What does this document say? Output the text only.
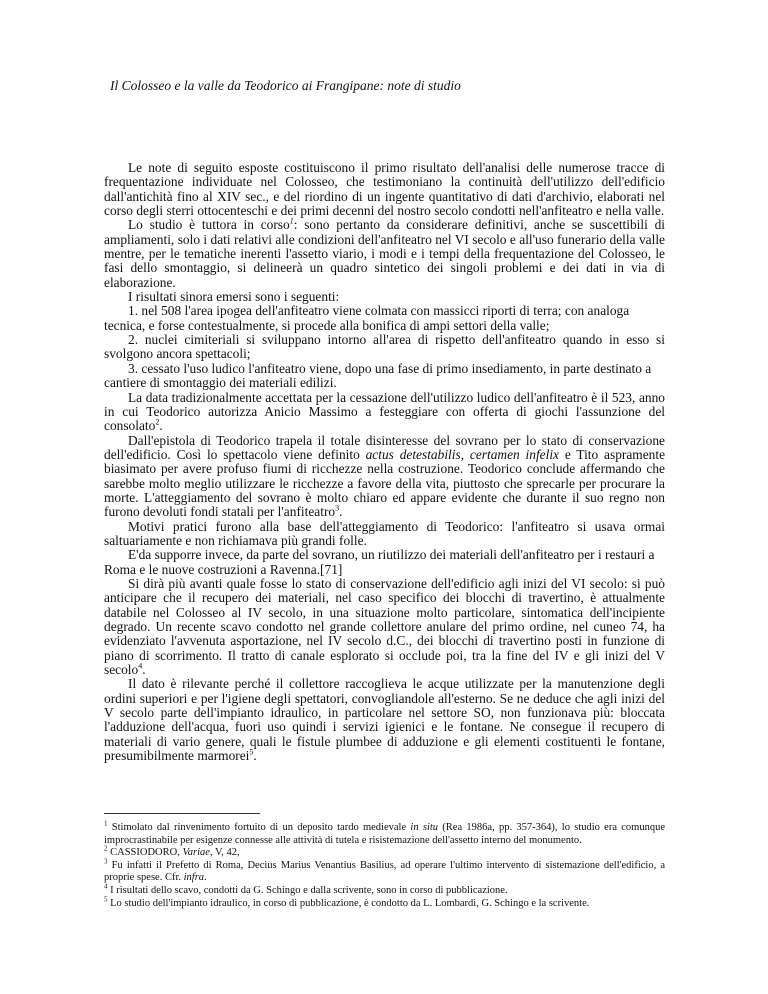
Il Colosseo e la valle da Teodorico ai Frangipane: note di studio

Le note di seguito esposte costituiscono il primo risultato dell'analisi delle numerose tracce di frequentazione individuate nel Colosseo, che testimoniano la continuità dell'utilizzo dell'edificio dall'antichità fino al XIV sec., e del riordino di un ingente quantitativo di dati d'archivio, elaborati nel corso degli sterri ottocenteschi e dei primi decenni del nostro secolo condotti nell'anfiteatro e nella valle.

Lo studio è tuttora in corso$^1$: sono pertanto da considerare definitivi, anche se suscettibili di ampliamenti, solo i dati relativi alle condizioni dell'anfiteatro nel VI secolo e all'uso funerario della valle mentre, per le tematiche inerenti l'assetto viario, i modi e i tempi della frequentazione del Colosseo, le fasi dello smontaggio, si delineerà un quadro sintetico dei singoli problemi e dei dati in via di elaborazione.

I risultati sinora emersi sono i seguenti:

1. nel 508 l'area ipogea dell'anfiteatro viene colmata con massicci riporti di terra; con analoga tecnica, e forse contestualmente, si procede alla bonifica di ampi settori della valle;

2. nuclei cimiteriali si sviluppano intorno all'area di rispetto dell'anfiteatro quando in esso si svolgono ancora spettacoli;

3. cessato l'uso ludico l'anfiteatro viene, dopo una fase di primo insediamento, in parte destinato a cantiere di smontaggio dei materiali edilizi.

La data tradizionalmente accettata per la cessazione dell'utilizzo ludico dell'anfiteatro è il 523, anno in cui Teodorico autorizza Anicio Massimo a festeggiare con offerta di giochi l'assunzione del consolato$^2$.

Dall'epistola di Teodorico trapela il totale disinteresse del sovrano per lo stato di conservazione dell'edificio. Così lo spettacolo viene definito actus detestabilis, certamen infelix e Tito aspramente biasimato per avere profuso fiumi di ricchezze nella costruzione. Teodorico conclude affermando che sarebbe molto meglio utilizzare le ricchezze a favore della vita, piuttosto che sprecarle per procurare la morte. L'atteggiamento del sovrano è molto chiaro ed appare evidente che durante il suo regno non furono devoluti fondi statali per l'anfiteatro$^3$.

Motivi pratici furono alla base dell'atteggiamento di Teodorico: l'anfiteatro si usava ormai saltuariamente e non richiamava più grandi folle.

E'da supporre invece, da parte del sovrano, un riutilizzo dei materiali dell'anfiteatro per i restauri a Roma e le nuove costruzioni a Ravenna.[71]

Si dirà più avanti quale fosse lo stato di conservazione dell'edificio agli inizi del VI secolo: si può anticipare che il recupero dei materiali, nel caso specifico dei blocchi di travertino, è attualmente databile nel Colosseo al IV secolo, in una situazione molto particolare, sintomatica dell'incipiente degrado. Un recente scavo condotto nel grande collettore anulare del primo ordine, nel cuneo 74, ha evidenziato l'avvenuta asportazione, nel IV secolo d.C., dei blocchi di travertino posti in funzione di piano di scorrimento. Il tratto di canale esplorato si occlude poi, tra la fine del IV e gli inizi del V secolo$^4$.

Il dato è rilevante perché il collettore raccoglieva le acque utilizzate per la manutenzione degli ordini superiori e per l'igiene degli spettatori, convogliandole all'esterno. Se ne deduce che agli inizi del V secolo parte dell'impianto idraulico, in particolare nel settore SO, non funzionava più: bloccata l'adduzione dell'acqua, fuori uso quindi i servizi igienici e le fontane. Ne consegue il recupero di materiali di vario genere, quali le fistule plumbee di adduzione e gli elementi costituenti le fontane, presumibilmente marmorei$^5$.

$^1$ Stimolato dal rinvenimento fortuito di un deposito tardo medievale in situ (Rea 1986a, pp. 357-364), lo studio era comunque improcrastinabile per esigenze connesse alle attività di tutela e risistemazione dell'assetto interno del monumento.

$^2$ CASSIODORO, Variae, V, 42,

$^3$ Fu infatti il Prefetto di Roma, Decius Marius Venantius Basilius, ad operare l'ultimo intervento di sistemazione dell'edificio, a proprie spese. Cfr. infra.

$^4$ I risultati dello scavo, condotti da G. Schingo e dalla scrivente, sono in corso di pubblicazione.

$^5$ Lo studio dell'impianto idraulico, in corso di pubblicazione, è condotto da L. Lombardi, G. Schingo e la scrivente.
